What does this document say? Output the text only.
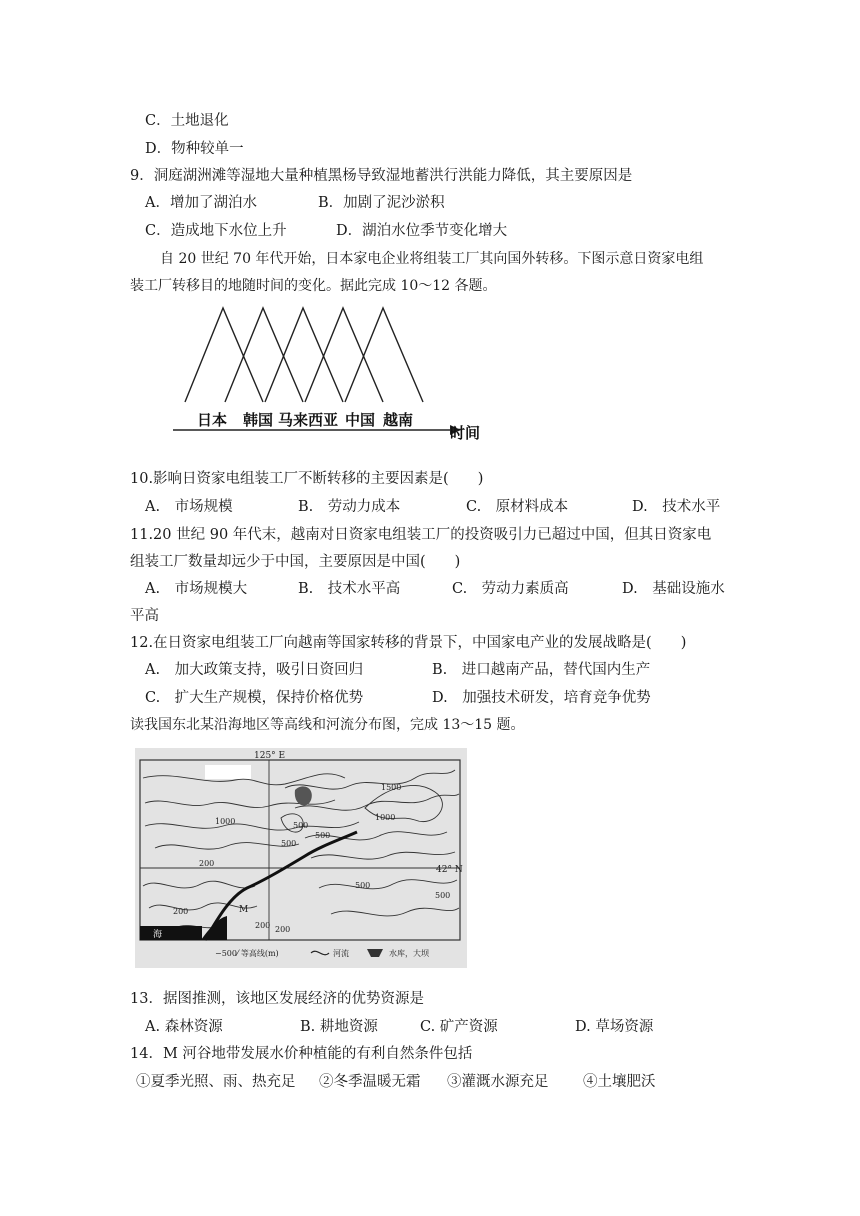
C．土地退化
D．物种较单一
9．洞庭湖洲滩等湿地大量种植黑杨导致湿地蓄洪行洪能力降低，其主要原因是
A．增加了湖泊水	B．加剧了泥沙淤积
C．造成地下水位上升	D．湖泊水位季节变化增大
自 20 世纪 70 年代开始，日本家电企业将组装工厂其向国外转移。下图示意日资家电组
装工厂转移目的地随时间的变化。据此完成 10～12 各题。
日本 韩国 马来西亚 中国 越南
时间
10.影响日资家电组装工厂不断转移的主要因素是(　　)
A.　市场规模	B.　劳动力成本	C.　原材料成本	D.　技术水平
11.20 世纪 90 年代末，越南对日资家电组装工厂的投资吸引力已超过中国，但其日资家电
组装工厂数量却远少于中国，主要原因是中国(　　)
A.　市场规模大	B.　技术水平高	C.　劳动力素质高	D.　基础设施水
平高
12.在日资家电组装工厂向越南等国家转移的背景下，中国家电产业的发展战略是(　　)
A.　加大政策支持，吸引日资回归	B.　进口越南产品，替代国内生产
C.　扩大生产规模，保持价格优势	D.　加强技术研发，培育竞争优势
读我国东北某沿海地区等高线和河流分布图，完成 13～15 题。
125° E
42° N
海
M
1500
1000	500
500
500
1000
500
200
200
200
500
200
−500⁄ 等高线(m)	河流	水库，大坝
13．据图推测，该地区发展经济的优势资源是
A. 森林资源	B. 耕地资源	C. 矿产资源	D. 草场资源
14．M 河谷地带发展水价种植能的有利自然条件包括
①夏季光照、雨、热充足 ②冬季温暖无霜 ③灌溉水源充足 ④土壤肥沃
